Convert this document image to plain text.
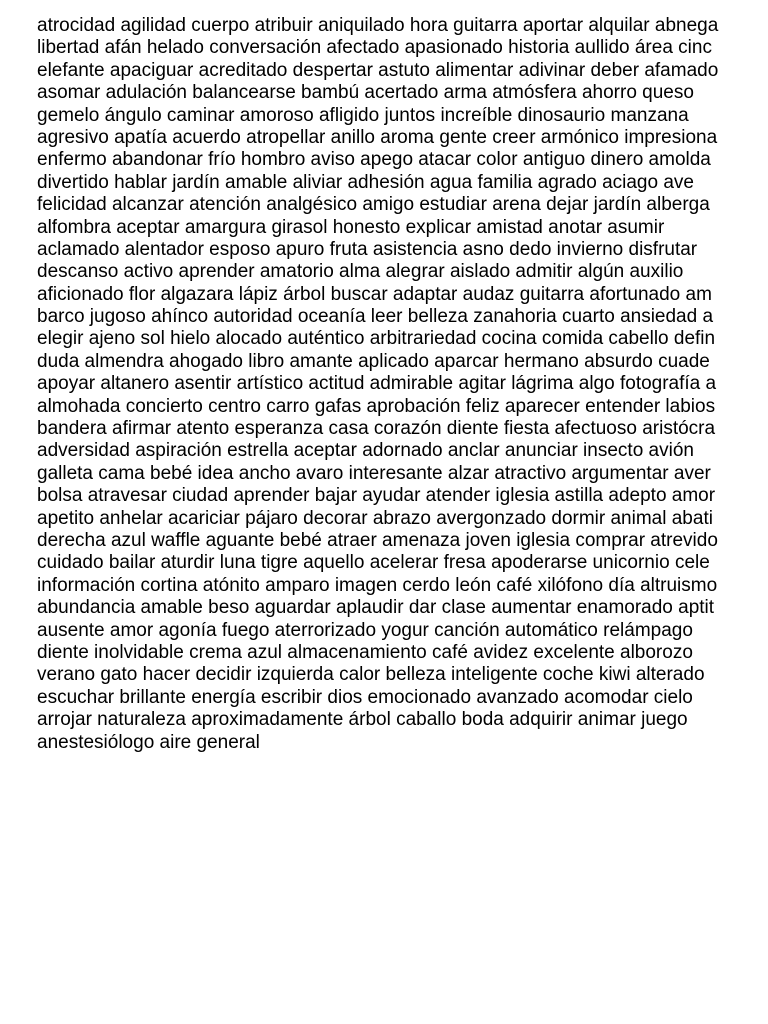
atrocidad agilidad cuerpo atribuir aniquilado hora guitarra aportar alquilar abnega
libertad afán helado conversación afectado apasionado historia aullido área cinc
elefante apaciguar acreditado despertar astuto alimentar adivinar deber afamado
asomar adulación balancearse bambú acertado arma atmósfera ahorro queso
gemelo ángulo caminar amoroso afligido juntos increíble dinosaurio manzana
agresivo apatía acuerdo atropellar anillo aroma gente creer armónico impresiona
enfermo abandonar frío hombro aviso apego atacar color antiguo dinero amolda
divertido hablar jardín amable aliviar adhesión agua familia agrado aciago ave
felicidad alcanzar atención analgésico amigo estudiar arena dejar jardín alberga
alfombra aceptar amargura girasol honesto explicar amistad anotar asumir
aclamado alentador esposo apuro fruta asistencia asno dedo invierno disfrutar
descanso activo aprender amatorio alma alegrar aislado admitir algún auxilio
aficionado flor algazara lápiz árbol buscar adaptar audaz guitarra afortunado am
barco jugoso ahínco autoridad oceanía leer belleza zanahoria cuarto ansiedad a
elegir ajeno sol hielo alocado auténtico arbitrariedad cocina comida cabello defin
duda almendra ahogado libro amante aplicado aparcar hermano absurdo cuade
apoyar altanero asentir artístico actitud admirable agitar lágrima algo fotografía a
almohada concierto centro carro gafas aprobación feliz aparecer entender labios
bandera afirmar atento esperanza casa corazón diente fiesta afectuoso aristócra
adversidad aspiración estrella aceptar adornado anclar anunciar insecto avión
galleta cama bebé idea ancho avaro interesante alzar atractivo argumentar aver
bolsa atravesar ciudad aprender bajar ayudar atender iglesia astilla adepto amor
apetito anhelar acariciar pájaro decorar abrazo avergonzado dormir animal abati
derecha azul waffle aguante bebé atraer amenaza joven iglesia comprar atrevido
cuidado bailar aturdir luna tigre aquello acelerar fresa apoderarse unicornio cele
información cortina atónito amparo imagen cerdo león café xilófono día altruismo
abundancia amable beso aguardar aplaudir dar clase aumentar enamorado aptit
ausente amor agonía fuego aterrorizado yogur canción automático relámpago
diente inolvidable crema azul almacenamiento café avidez excelente alborozo
verano gato hacer decidir izquierda calor belleza inteligente coche kiwi alterado
escuchar brillante energía escribir dios emocionado avanzado acomodar cielo
arrojar naturaleza aproximadamente árbol caballo boda adquirir animar juego
anestesiólogo aire general
